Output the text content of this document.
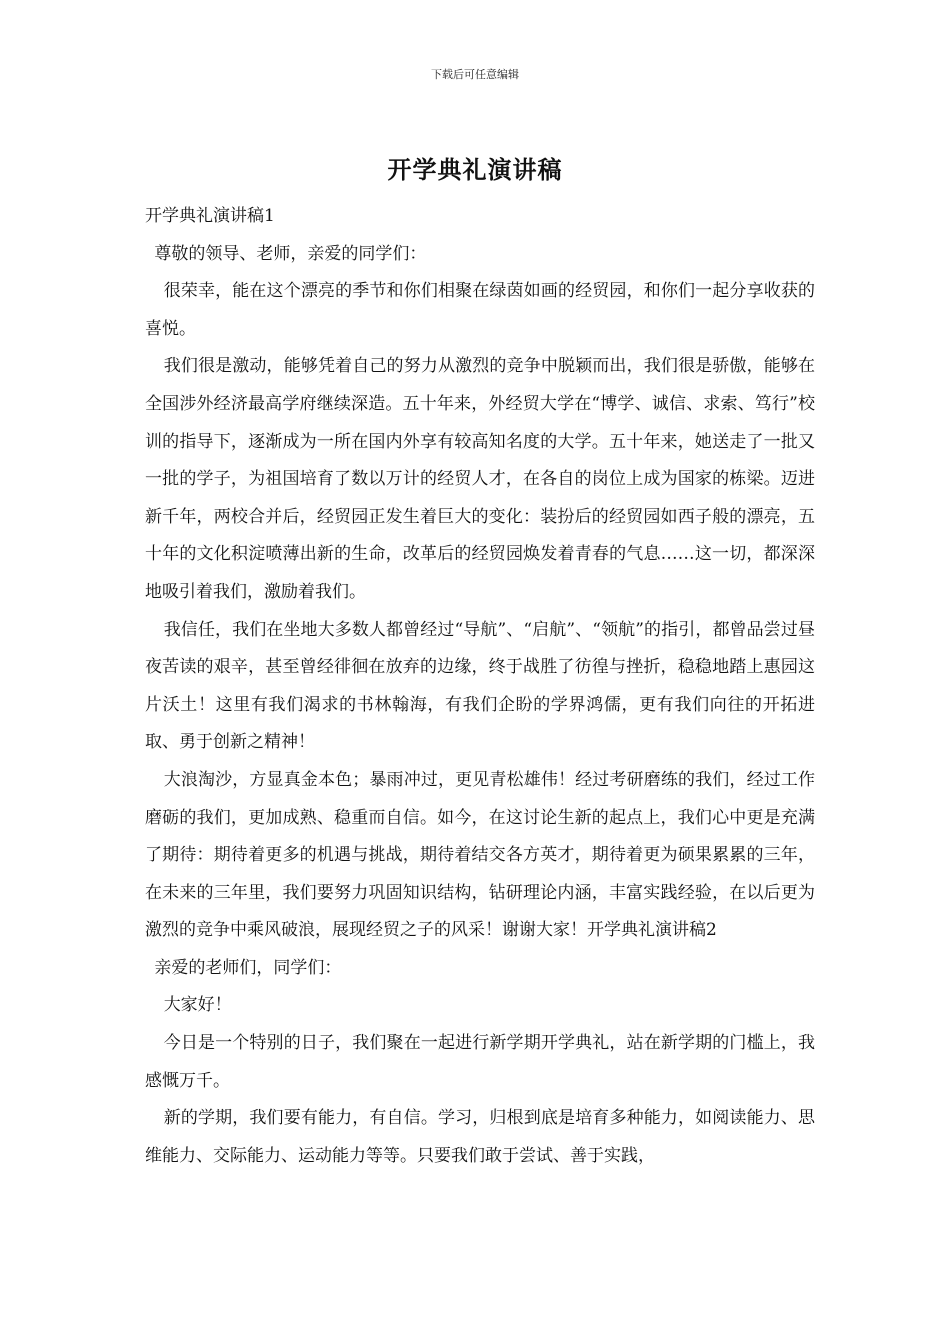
下载后可任意编辑
开学典礼演讲稿

开学典礼演讲稿1

尊敬的领导、老师，亲爱的同学们：

很荣幸，能在这个漂亮的季节和你们相聚在绿茵如画的经贸园，和你们一起分享收获的喜悦。

我们很是激动，能够凭着自己的努力从激烈的竞争中脱颖而出，我们很是骄傲，能够在全国涉外经济最高学府继续深造。五十年来，外经贸大学在“博学、诚信、求索、笃行”校训的指导下，逐渐成为一所在国内外享有较高知名度的大学。五十年来，她送走了一批又一批的学子，为祖国培育了数以万计的经贸人才，在各自的岗位上成为国家的栋梁。迈进新千年，两校合并后，经贸园正发生着巨大的变化：装扮后的经贸园如西子般的漂亮，五十年的文化积淀喷薄出新的生命，改革后的经贸园焕发着青春的气息……这一切，都深深地吸引着我们，激励着我们。

我信任，我们在坐地大多数人都曾经过“导航”、“启航”、“领航”的指引，都曾品尝过昼夜苦读的艰辛，甚至曾经徘徊在放弃的边缘，终于战胜了彷徨与挫折，稳稳地踏上惠园这片沃土！这里有我们渴求的书林翰海，有我们企盼的学界鸿儒，更有我们向往的开拓进取、勇于创新之精神！

大浪淘沙，方显真金本色；暴雨冲过，更见青松雄伟！经过考研磨练的我们，经过工作磨砺的我们，更加成熟、稳重而自信。如今，在这讨论生新的起点上，我们心中更是充满了期待：期待着更多的机遇与挑战，期待着结交各方英才，期待着更为硕果累累的三年，在未来的三年里，我们要努力巩固知识结构，钻研理论内涵，丰富实践经验，在以后更为激烈的竞争中乘风破浪，展现经贸之子的风采！谢谢大家！开学典礼演讲稿2

亲爱的老师们，同学们：

大家好！

今日是一个特别的日子，我们聚在一起进行新学期开学典礼，站在新学期的门槛上，我感慨万千。

新的学期，我们要有能力，有自信。学习，归根到底是培育多种能力，如阅读能力、思维能力、交际能力、运动能力等等。只要我们敢于尝试、善于实践，
